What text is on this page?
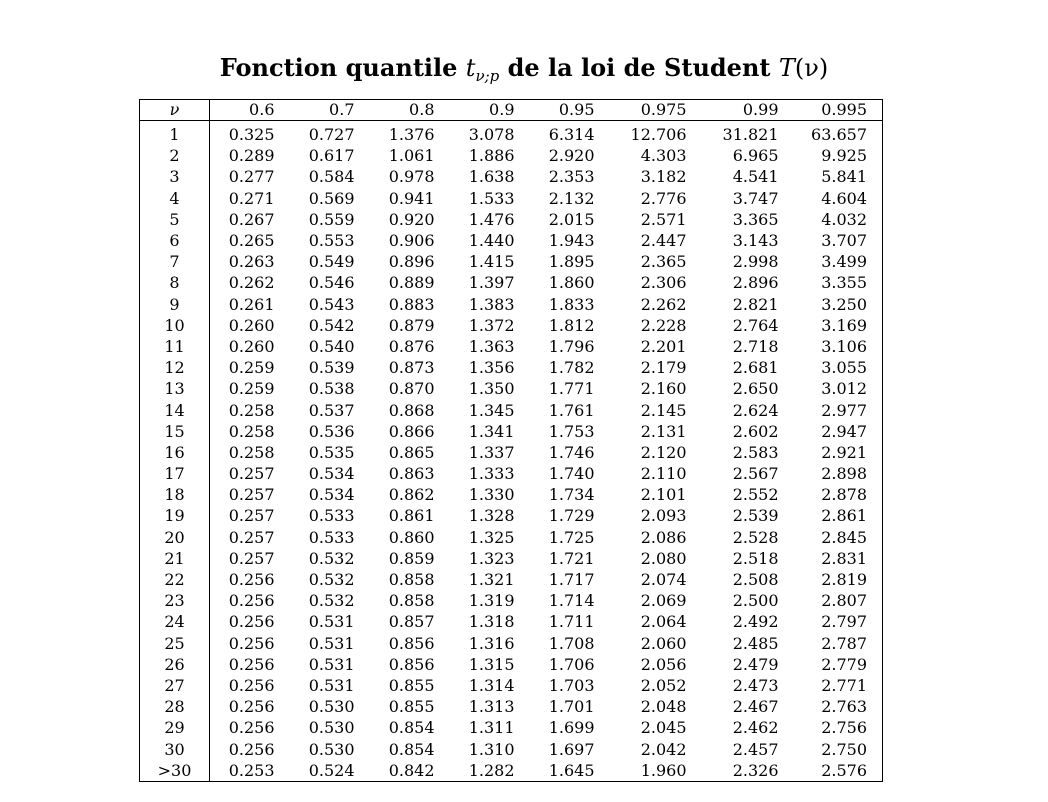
Fonction quantile $t_{\nu;p}$ de la loi de Student T(ν)
ν	0.6	0.7	0.8	0.9	0.95	0.975	0.99	0.995
1	0.325	0.727	1.376	3.078	6.314	12.706	31.821	63.657
2	0.289	0.617	1.061	1.886	2.920	4.303	6.965	9.925
3	0.277	0.584	0.978	1.638	2.353	3.182	4.541	5.841
4	0.271	0.569	0.941	1.533	2.132	2.776	3.747	4.604
5	0.267	0.559	0.920	1.476	2.015	2.571	3.365	4.032
6	0.265	0.553	0.906	1.440	1.943	2.447	3.143	3.707
7	0.263	0.549	0.896	1.415	1.895	2.365	2.998	3.499
8	0.262	0.546	0.889	1.397	1.860	2.306	2.896	3.355
9	0.261	0.543	0.883	1.383	1.833	2.262	2.821	3.250
10	0.260	0.542	0.879	1.372	1.812	2.228	2.764	3.169
11	0.260	0.540	0.876	1.363	1.796	2.201	2.718	3.106
12	0.259	0.539	0.873	1.356	1.782	2.179	2.681	3.055
13	0.259	0.538	0.870	1.350	1.771	2.160	2.650	3.012
14	0.258	0.537	0.868	1.345	1.761	2.145	2.624	2.977
15	0.258	0.536	0.866	1.341	1.753	2.131	2.602	2.947
16	0.258	0.535	0.865	1.337	1.746	2.120	2.583	2.921
17	0.257	0.534	0.863	1.333	1.740	2.110	2.567	2.898
18	0.257	0.534	0.862	1.330	1.734	2.101	2.552	2.878
19	0.257	0.533	0.861	1.328	1.729	2.093	2.539	2.861
20	0.257	0.533	0.860	1.325	1.725	2.086	2.528	2.845
21	0.257	0.532	0.859	1.323	1.721	2.080	2.518	2.831
22	0.256	0.532	0.858	1.321	1.717	2.074	2.508	2.819
23	0.256	0.532	0.858	1.319	1.714	2.069	2.500	2.807
24	0.256	0.531	0.857	1.318	1.711	2.064	2.492	2.797
25	0.256	0.531	0.856	1.316	1.708	2.060	2.485	2.787
26	0.256	0.531	0.856	1.315	1.706	2.056	2.479	2.779
27	0.256	0.531	0.855	1.314	1.703	2.052	2.473	2.771
28	0.256	0.530	0.855	1.313	1.701	2.048	2.467	2.763
29	0.256	0.530	0.854	1.311	1.699	2.045	2.462	2.756
30	0.256	0.530	0.854	1.310	1.697	2.042	2.457	2.750
>30	0.253	0.524	0.842	1.282	1.645	1.960	2.326	2.576
